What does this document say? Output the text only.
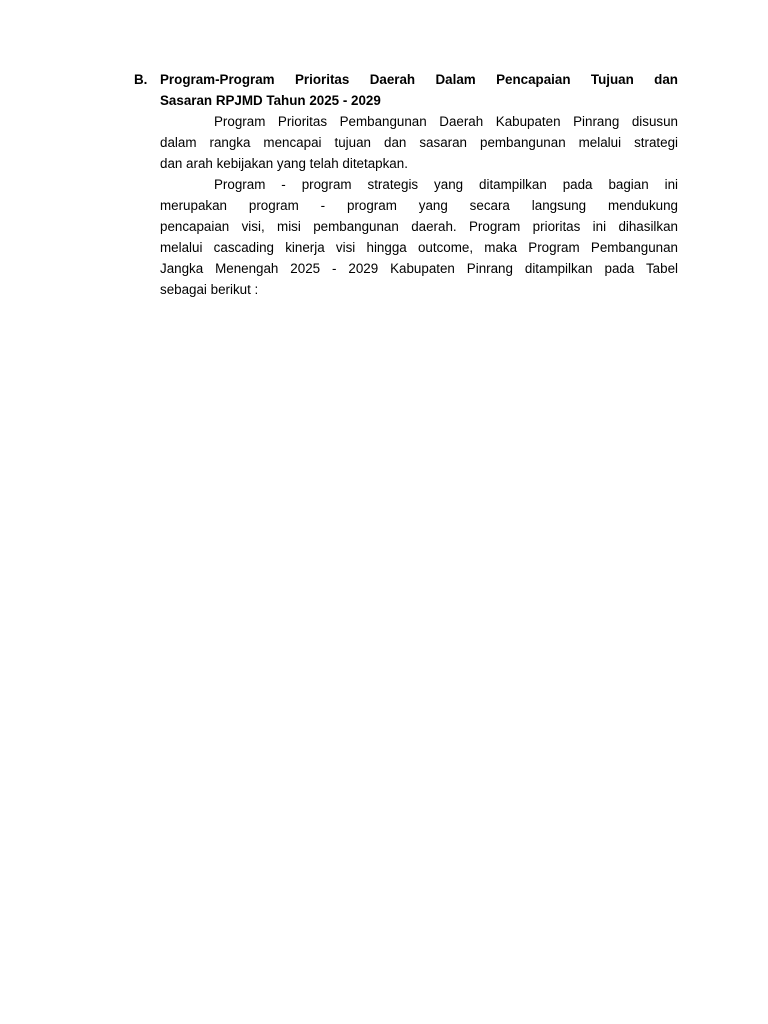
B. Program-Program Prioritas Daerah Dalam Pencapaian Tujuan dan
Sasaran RPJMD Tahun 2025 - 2029
Program Prioritas Pembangunan Daerah Kabupaten Pinrang disusun
dalam rangka mencapai tujuan dan sasaran pembangunan melalui strategi
dan arah kebijakan yang telah ditetapkan.
Program - program strategis yang ditampilkan pada bagian ini
merupakan program - program yang secara langsung mendukung
pencapaian visi, misi pembangunan daerah. Program prioritas ini dihasilkan
melalui cascading kinerja visi hingga outcome, maka Program Pembangunan
Jangka Menengah 2025 - 2029 Kabupaten Pinrang ditampilkan pada Tabel
sebagai berikut :
